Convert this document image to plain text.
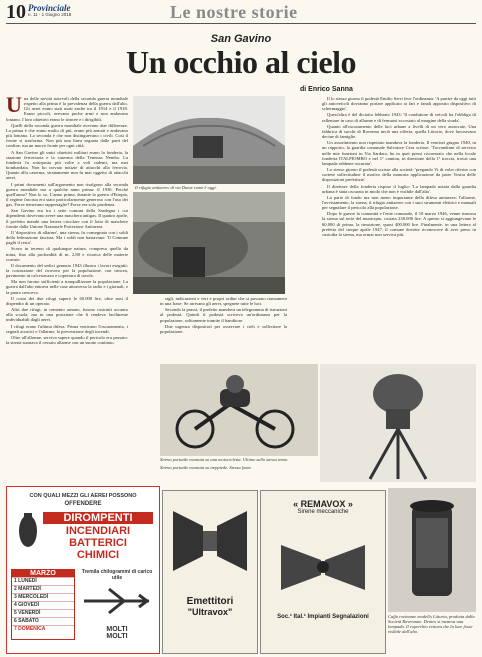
10 Provinciale
n. 11 - 1 Giugno 2018	Le nostre storie
San Gavino
Un occhio al cielo
di Enrico Sanna
U na delle novità notevoli della seconda guerra mondiale rispetto alla prima è la prevalenza della guerra dall'alto. Gli aerei erano stati usati anche tra il 1914 e il 1918. Erano piccoli, avevano poche armi e non andavano lontano. I loro obiettivi erano le trincee e i dirigibili.

Quelli della seconda guerra mondiale avevano due differenze. La prima è che erano molto di più, erano più armati e andavano più lontano. La seconda è che non distinguevano i civili. Così il fronte si trasforma. Non più una linea segnata dalle parti del confine, ma un nuovo fronte per ogni città.

A San Gavino gli unici obiettivi militari erano la fonderia, la stazione ferroviaria e la caserma della Tenenza Nembo. La fonderia fu sottoposta più volte a voli radenti, ma mai bombardata. Non ho trovato notizie di attacchi alla ferrovia. Quanto alla caserma, stranamente non fu mai oggetto di attacchi aerei.

I primi documenti sull'argomento non risalgono alla seconda guerra mondiale ma a qualche anno prima: il 1936. Perché quell'anno? Non lo so. L'anno prima, durante la guerra d'Etiopia, il regime fascista era stato particolarmente generoso con l'uso dei gas. Forse temevano rappresaglie? Forse era solo prudenza.

San Gavino era tra i sette comuni della Sardegna i cui dipendenti dovevano avere una maschera antigas. Il quattro aprile, il prefetto mandò una lettera circolare con il lotto di maschere fornite dalla Unione Nazionale Protezione Antiaerea.

Il 'dispositivo di allarme', una sirena, fu consegnata con i soldi della federazione fascista. Ma i soldi non bastavano: 'Il Comune paghi il resto'.

Scavo in terreno di qualunque natura, compreso quello da mina, fino alla profondità di m. 2,80 e ricarica delle materie scavate.

Il documento del sedici gennaio 1943 illustra i lavori eseguiti: la costruzione del ricovero per la popolazione, con trincea, pavimento in calcestruzzo e copertura di tavole.

Ma non furono sufficienti a tranquillizzare la popolazione. La guerra dall'alto entrava nelle case attraverso la radio e i giornali, e la paura cresceva.

Il costo dei due rifugi superò le 60.000 lire, oltre ansi il dispendio di un operaio.

Altri due rifugi, in cemento armato, furono costruiti accanto alla scuola, ma in una posizione che li rendeva facilmente individuabili dagli aerei.

I rifugi erano l'ultima difesa. Prima venivano l'oscuramento, i segnali acustici e l'allarme, la prevenzione degli incendi.

Oltre all'allarme, serviva sapere quando il pericolo era passato: la sirena suonava il cessato allarme con un suono continuo.

Il rifugio antiaereo di via Dante come è oggi.

sigli, indicazioni e veri e propri ordini che si possono riassumere in una frase: Se arrivano gli aerei, spegnete tutte le luci.

Secondo la prassi, il prefetto mandava un telegramma di istruzioni al podestà. Quindi il podestà scriveva un'ordinanza per la popolazione, solitamente tramite il banditore.

Due urgenza dispositori per osservare i cieli e sollecitare la popolazione.

Sirena portatile montata su una motocicletta. Ultimo sullo stesso tema.
Sirena portatile montata su treppiede. Stessa fonte.

Il lo stesso giorno il podestà Emilio Serri fece l'ordinanza: 'A partire da oggi tutti gli autoveicoli dovranno portare applicato ai fari e fanali apposito dispositivo di schermaggio'.

Quest'altra è del diciotto febbraio 1943: 'Il conduttore di veicoli ha l'obbligo di rallentare in caso di allarme e di fermarsi accostato al margine della strada'.

Quanto all'oscuramento delle luci urbane a livelli di un vero autocrate, Una fabbrica di sacchi di Rovenna inviò una offerta, quella Littorio, dove lavoravano decine di famiglie.

Un assortimento non rispettato mandava la fonderia. Il ventisei giugno 1940, in un rapporto, la guardia comunale Salvatore Cera scrisse: 'Trovandomi di servizio nelle mie funzioni in Via Sardara, ho in quei pressi riscontrato che nella locale fonderia ITALPIOMBO e nel 1° camion, in direzione della 1ª traccia, trovai una lampada sebbene oscurata'.

Lo stesso giorno il podestà scrisse alla società: 'pregando Vi di voler riferire con cortese sollecitudine il motivo della mancata applicazione da parte Vostra delle disposizioni prefettizie'.

Il direttore della fonderia rispose il luglio: 'La lampada notata dalla guardia urbana è stata oscurata in modo che non è visibile dall'alto'.

La parte di fondo ma non meno importante della difesa antiaerea: l'allarme, l'avvistamento, la sirena, il rifugio antiaereo con i suoi strumenti elettrici e manuali per segnalare il pericolo alla popolazione.

Dopo le guerre la comunità e l'ente comunale, il 10 marzo 1946, venne rimossa la sirena sul tetto del municipio, costata 238.000 lire. A questo si aggiungevano le 60.000 di prima, la rimozione, quasi 400.000 lire. Finalmente, in una lettera al prefetto del cinque aprile 1947, il comune dovette riconoscere di aver preso in custodia la sirena, ma ormai non serviva più.

CON QUALI MEZZI GLI AEREI POSSONO
OFFENDERE
DIROMPENTI
INCENDIARI
BATTERICI
CHIMICI
MARZO
1 LUNEDÌ
2 MARTEDÌ
3 MERCOLEDÌ
4 GIOVEDÌ
5 VENERDÌ
6 SABATO
7 DOMENICA
Tremila chilogrammi di carico utile
MOLTI
MOLTI
Emettitori
"Ultravox"
« REMAVOX »
Sirene meccaniche
Soc.¹ Ital.¹ Impianti Segnalazioni	Caffa rovinante modello Littoria, prodotta dalla Società Ravennate. Dentro si metteva una lampada. Il coperchio evitava che la luce fosse visibile dall'alto.
